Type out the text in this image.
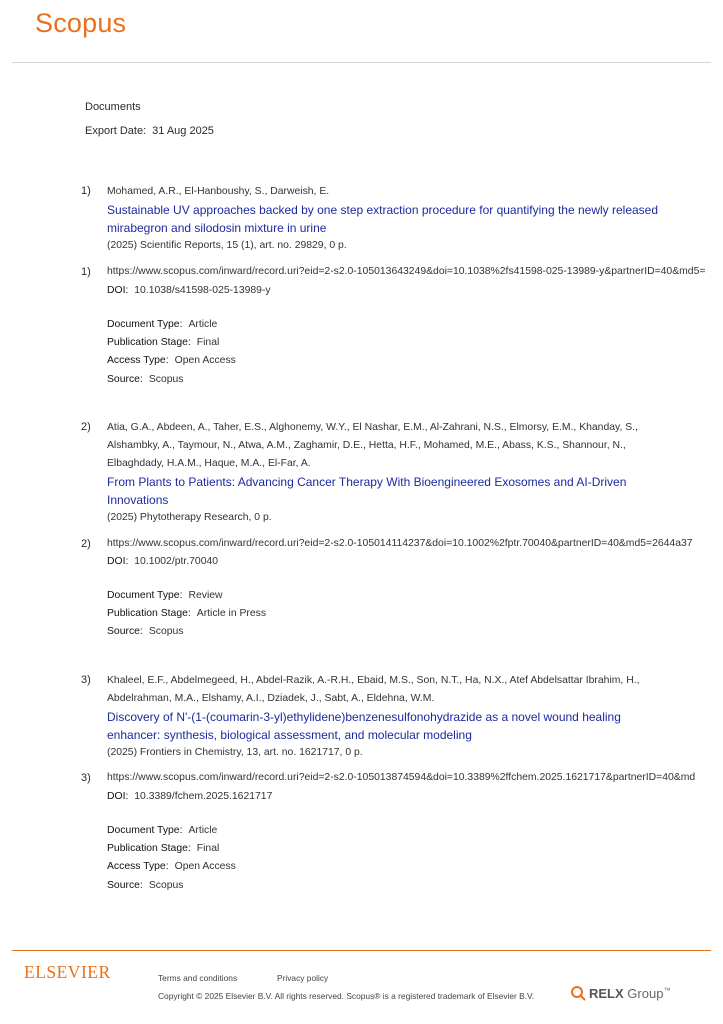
Scopus
Documents
Export Date: 31 Aug 2025
1) Mohamed, A.R., El-Hanboushy, S., Darweish, E.
Sustainable UV approaches backed by one step extraction procedure for quantifying the newly released mirabegron and silodosin mixture in urine
(2025) Scientific Reports, 15 (1), art. no. 29829, 0 p.
1) https://www.scopus.com/inward/record.uri?eid=2-s2.0-105013643249&doi=10.1038%2fs41598-025-13989-y&partnerID=40&md5=
DOI: 10.1038/s41598-025-13989-y
Document Type: Article
Publication Stage: Final
Access Type: Open Access
Source: Scopus
2) Atia, G.A., Abdeen, A., Taher, E.S., Alghonemy, W.Y., El Nashar, E.M., Al-Zahrani, N.S., Elmorsy, E.M., Khanday, S., Alshambky, A., Taymour, N., Atwa, A.M., Zaghamir, D.E., Hetta, H.F., Mohamed, M.E., Abass, K.S., Shannour, N., Elbaghdady, H.A.M., Haque, M.A., El-Far, A.
From Plants to Patients: Advancing Cancer Therapy With Bioengineered Exosomes and AI-Driven Innovations
(2025) Phytotherapy Research, 0 p.
2) https://www.scopus.com/inward/record.uri?eid=2-s2.0-105014114237&doi=10.1002%2fptr.70040&partnerID=40&md5=2644a37
DOI: 10.1002/ptr.70040
Document Type: Review
Publication Stage: Article in Press
Source: Scopus
3) Khaleel, E.F., Abdelmegeed, H., Abdel-Razik, A.-R.H., Ebaid, M.S., Son, N.T., Ha, N.X., Atef Abdelsattar Ibrahim, H., Abdelrahman, M.A., Elshamy, A.I., Dziadek, J., Sabt, A., Eldehna, W.M.
Discovery of N'-(1-(coumarin-3-yl)ethylidene)benzenesulfonohydrazide as a novel wound healing enhancer: synthesis, biological assessment, and molecular modeling
(2025) Frontiers in Chemistry, 13, art. no. 1621717, 0 p.
3) https://www.scopus.com/inward/record.uri?eid=2-s2.0-105013874594&doi=10.3389%2ffchem.2025.1621717&partnerID=40&md
DOI: 10.3389/fchem.2025.1621717
Document Type: Article
Publication Stage: Final
Access Type: Open Access
Source: Scopus
ELSEVIER	Terms and conditions	Privacy policy
Copyright © 2025 Elsevier B.V. All rights reserved. Scopus® is a registered trademark of Elsevier B.V.	RELX Group™
